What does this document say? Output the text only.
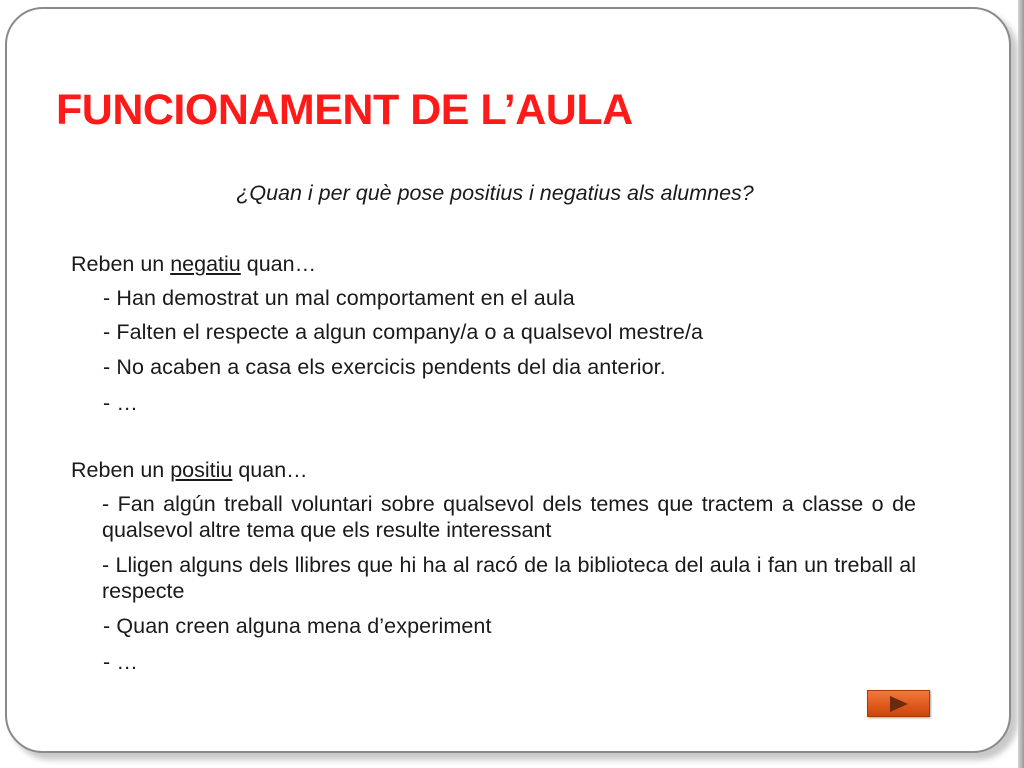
FUNCIONAMENT DE L’AULA
¿Quan i per què pose positius i negatius als alumnes?
Reben un negatiu quan…
- Han demostrat un mal comportament en el aula
- Falten el respecte a algun company/a o a qualsevol mestre/a
- No acaben a casa els exercicis pendents del dia anterior.
- …
Reben un positiu quan…
- Fan algún treball voluntari sobre qualsevol dels temes que tractem a classe o de qualsevol altre tema que els resulte interessant
- Lligen alguns dels llibres que hi ha al racó de la biblioteca del aula i fan un treball al respecte
- Quan creen alguna mena d’experiment
- …
